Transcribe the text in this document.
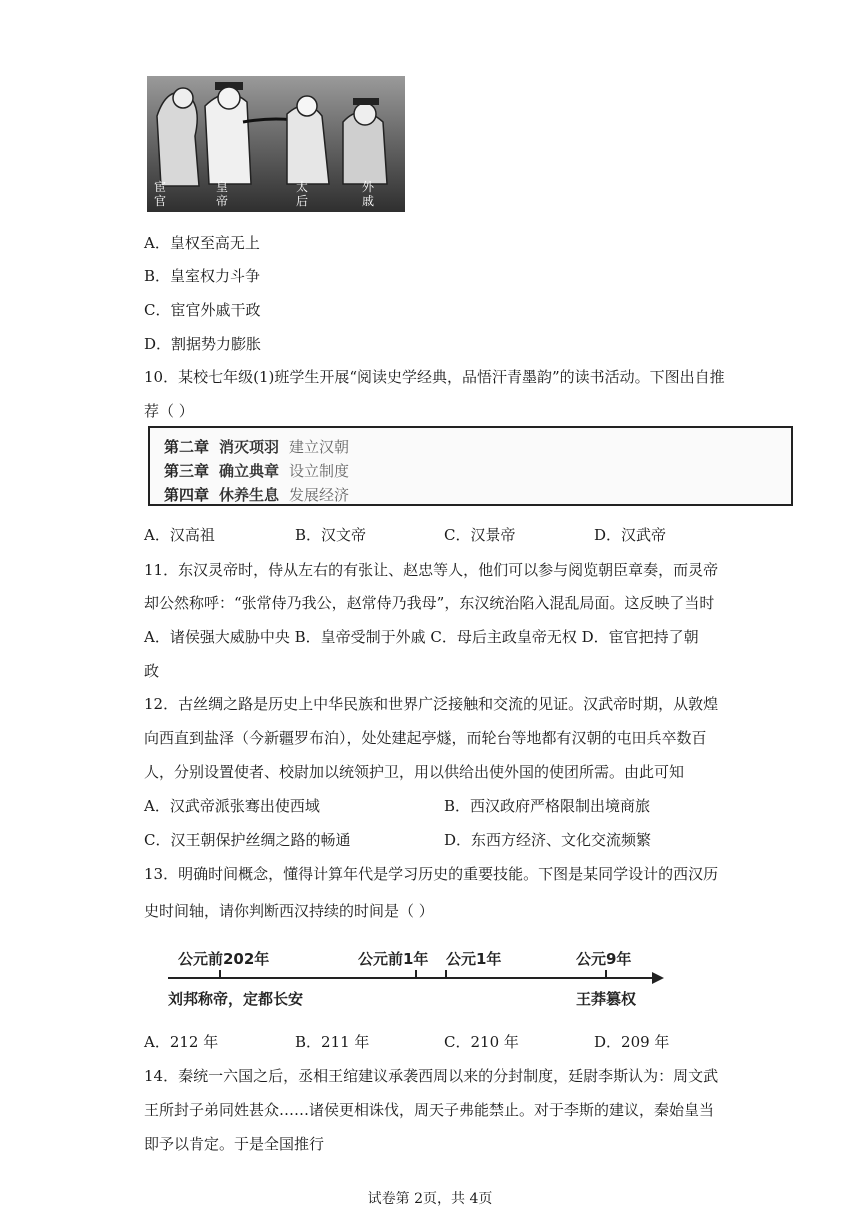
宦官
皇帝
太后
外戚
A．皇权至高无上
B．皇室权力斗争
C．宦官外戚干政
D．割据势力膨胀
10．某校七年级(1)班学生开展“阅读史学经典，品悟汗青墨韵”的读书活动。下图出自推
荐（ ）
第二章 消灭项羽 建立汉朝
第三章 确立典章 设立制度
第四章 休养生息 发展经济
A．汉高祖	B．汉文帝	C．汉景帝	D．汉武帝
11．东汉灵帝时，侍从左右的有张让、赵忠等人，他们可以参与阅览朝臣章奏，而灵帝
却公然称呼：“张常侍乃我公，赵常侍乃我母”，东汉统治陷入混乱局面。这反映了当时
A．诸侯强大威胁中央 B．皇帝受制于外戚 C．母后主政皇帝无权 D．宦官把持了朝
政
12．古丝绸之路是历史上中华民族和世界广泛接触和交流的见证。汉武帝时期，从敦煌
向西直到盐泽（今新疆罗布泊），处处建起亭燧，而轮台等地都有汉朝的屯田兵卒数百
人，分别设置使者、校尉加以统领护卫，用以供给出使外国的使团所需。由此可知
A．汉武帝派张骞出使西域	B．西汉政府严格限制出境商旅
C．汉王朝保护丝绸之路的畅通	D．东西方经济、文化交流频繁
13．明确时间概念，懂得计算年代是学习历史的重要技能。下图是某同学设计的西汉历
史时间轴，请你判断西汉持续的时间是（ ）
公元前202年	公元前1年 公元1年	公元9年
刘邦称帝，定都长安	王莽篡权
A．212 年	B．211 年	C．210 年	D．209 年
14．秦统一六国之后，丞相王绾建议承袭西周以来的分封制度，廷尉李斯认为：周文武
王所封子弟同姓甚众……诸侯更相诛伐，周天子弗能禁止。对于李斯的建议，秦始皇当
即予以肯定。于是全国推行
试卷第 2页，共 4页
